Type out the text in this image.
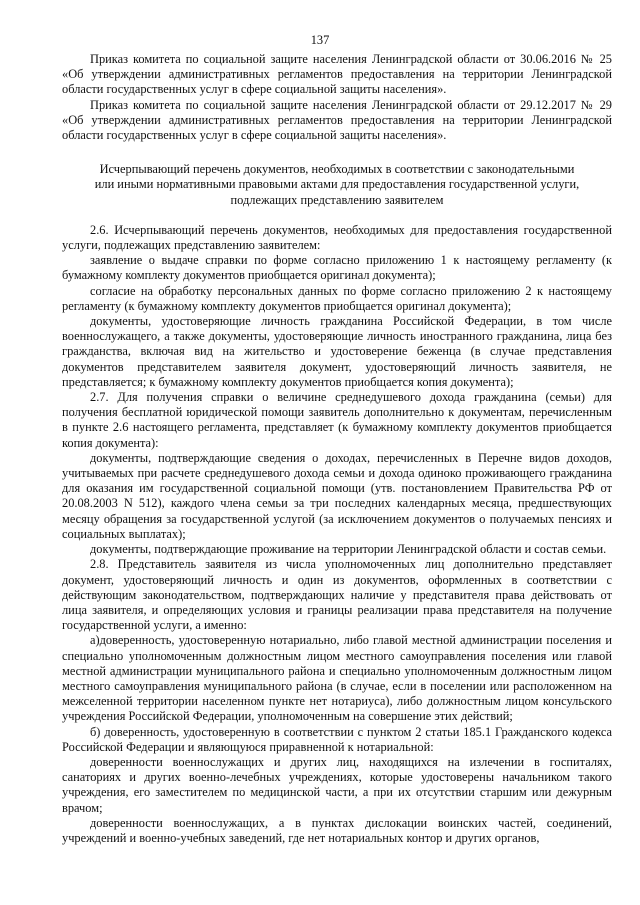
137

Приказ комитета по социальной защите населения Ленинградской области от 30.06.2016 № 25 «Об утверждении административных регламентов предоставления на территории Ленинградской области государственных услуг в сфере социальной защиты населения».

Приказ комитета по социальной защите населения Ленинградской области от 29.12.2017 № 29 «Об утверждении административных регламентов предоставления на территории Ленинградской области государственных услуг в сфере социальной защиты населения».

Исчерпывающий перечень документов, необходимых в соответствии с законодательными

или иными нормативными правовыми актами для предоставления государственной услуги,

подлежащих представлению заявителем

2.6. Исчерпывающий перечень документов, необходимых для предоставления государственной услуги, подлежащих представлению заявителем:

заявление о выдаче справки по форме согласно приложению 1 к настоящему регламенту (к бумажному комплекту документов приобщается оригинал документа);

согласие на обработку персональных данных по форме согласно приложению 2 к настоящему регламенту (к бумажному комплекту документов приобщается оригинал документа);

документы, удостоверяющие личность гражданина Российской Федерации, в том числе военнослужащего, а также документы, удостоверяющие личность иностранного гражданина, лица без гражданства, включая вид на жительство и удостоверение беженца (в случае представления документов представителем заявителя документ, удостоверяющий личность заявителя, не представляется; к бумажному комплекту документов приобщается копия документа);

2.7. Для получения справки о величине среднедушевого дохода гражданина (семьи) для получения бесплатной юридической помощи заявитель дополнительно к документам, перечисленным в пункте 2.6 настоящего регламента, представляет (к бумажному комплекту документов приобщается копия документа):

документы, подтверждающие сведения о доходах, перечисленных в Перечне видов доходов, учитываемых при расчете среднедушевого дохода семьи и дохода одиноко проживающего гражданина для оказания им государственной социальной помощи (утв. постановлением Правительства РФ от 20.08.2003 N 512), каждого члена семьи за три последних календарных месяца, предшествующих месяцу обращения за государственной услугой (за исключением документов о получаемых пенсиях и социальных выплатах);

документы, подтверждающие проживание на территории Ленинградской области и состав семьи.

2.8. Представитель заявителя из числа уполномоченных лиц дополнительно представляет документ, удостоверяющий личность и один из документов, оформленных в соответствии с действующим законодательством, подтверждающих наличие у представителя права действовать от лица заявителя, и определяющих условия и границы реализации права представителя на получение государственной услуги, а именно:

а)доверенность, удостоверенную нотариально, либо главой местной администрации поселения и специально уполномоченным должностным лицом местного самоуправления поселения или главой местной администрации муниципального района и специально уполномоченным должностным лицом местного самоуправления муниципального района (в случае, если в поселении или расположенном на межселенной территории населенном пункте нет нотариуса), либо должностным лицом консульского учреждения Российской Федерации, уполномоченным на совершение этих действий;

б) доверенность, удостоверенную в соответствии с пунктом 2 статьи 185.1 Гражданского кодекса Российской Федерации и являющуюся приравненной к нотариальной:

доверенности военнослужащих и других лиц, находящихся на излечении в госпиталях, санаториях и других военно-лечебных учреждениях, которые удостоверены начальником такого учреждения, его заместителем по медицинской части, а при их отсутствии старшим или дежурным врачом;

доверенности военнослужащих, а в пунктах дислокации воинских частей, соединений, учреждений и военно-учебных заведений, где нет нотариальных контор и других органов,
